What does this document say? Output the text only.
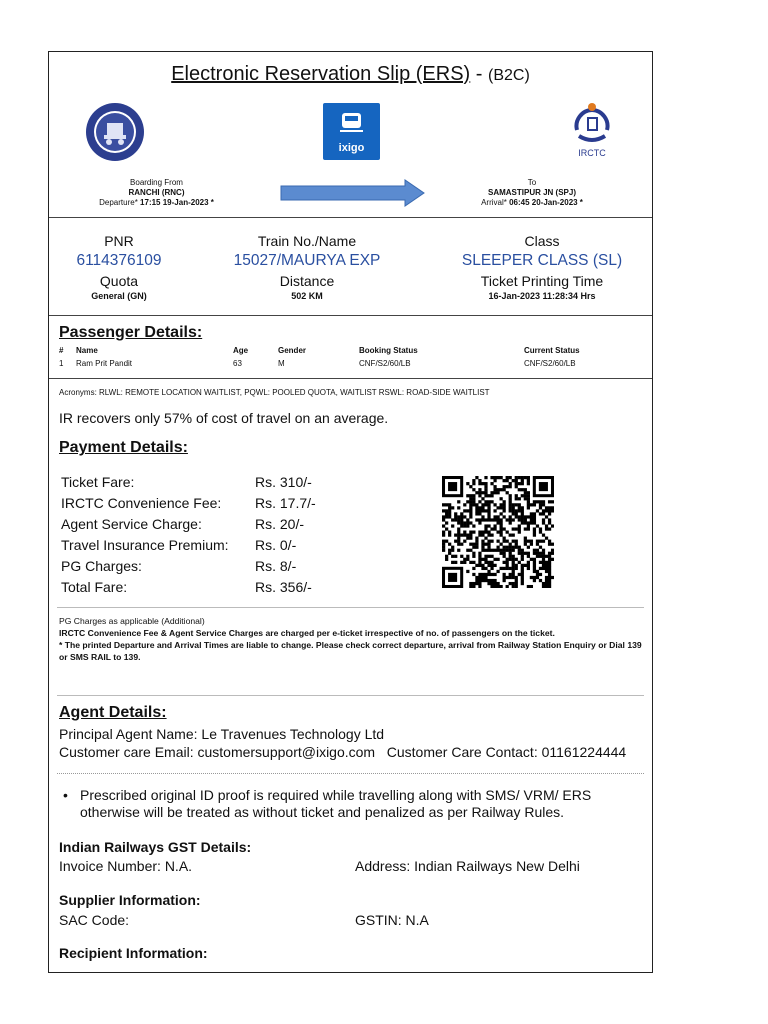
Electronic Reservation Slip (ERS) - (B2C)
ixigo	IRCTC
Boarding From
RANCHI (RNC)
Departure* 17:15 19-Jan-2023 *
To
SAMASTIPUR JN (SPJ)
Arrival* 06:45 20-Jan-2023 *
PNR
6114376109
Quota
General (GN)
Train No./Name
15027/MAURYA EXP
Distance
502 KM
Class
SLEEPER CLASS (SL)
Ticket Printing Time
16-Jan-2023 11:28:34 Hrs
Passenger Details:
# Name	Age	Gender	Booking Status	Current Status
1 Ram Prit Pandit	63	M	CNF/S2/60/LB	CNF/S2/60/LB
Acronyms: RLWL: REMOTE LOCATION WAITLIST, PQWL: POOLED QUOTA, WAITLIST RSWL: ROAD-SIDE WAITLIST
IR recovers only 57% of cost of travel on an average.
Payment Details:
Ticket Fare:	Rs. 310/-
IRCTC Convenience Fee: Rs. 17.7/-
Agent Service Charge:	Rs. 20/-
Travel Insurance Premium: Rs. 0/-
PG Charges:	Rs. 8/-
Total Fare:	Rs. 356/-
PG Charges as applicable (Additional)
IRCTC Convenience Fee & Agent Service Charges are charged per e-ticket irrespective of no. of passengers on the ticket.
* The printed Departure and Arrival Times are liable to change. Please check correct departure, arrival from Railway Station Enquiry or Dial 139 or SMS RAIL to 139.
Agent Details:
Principal Agent Name: Le Travenues Technology Ltd
Customer care Email: customersupport@ixigo.com Customer Care Contact: 01161224444
• Prescribed original ID proof is required while travelling along with SMS/ VRM/ ERS otherwise will be treated as without ticket and penalized as per Railway Rules.
Indian Railways GST Details:
Invoice Number: N.A.	Address: Indian Railways New Delhi
Supplier Information:
SAC Code:	GSTIN: N.A
Recipient Information:
